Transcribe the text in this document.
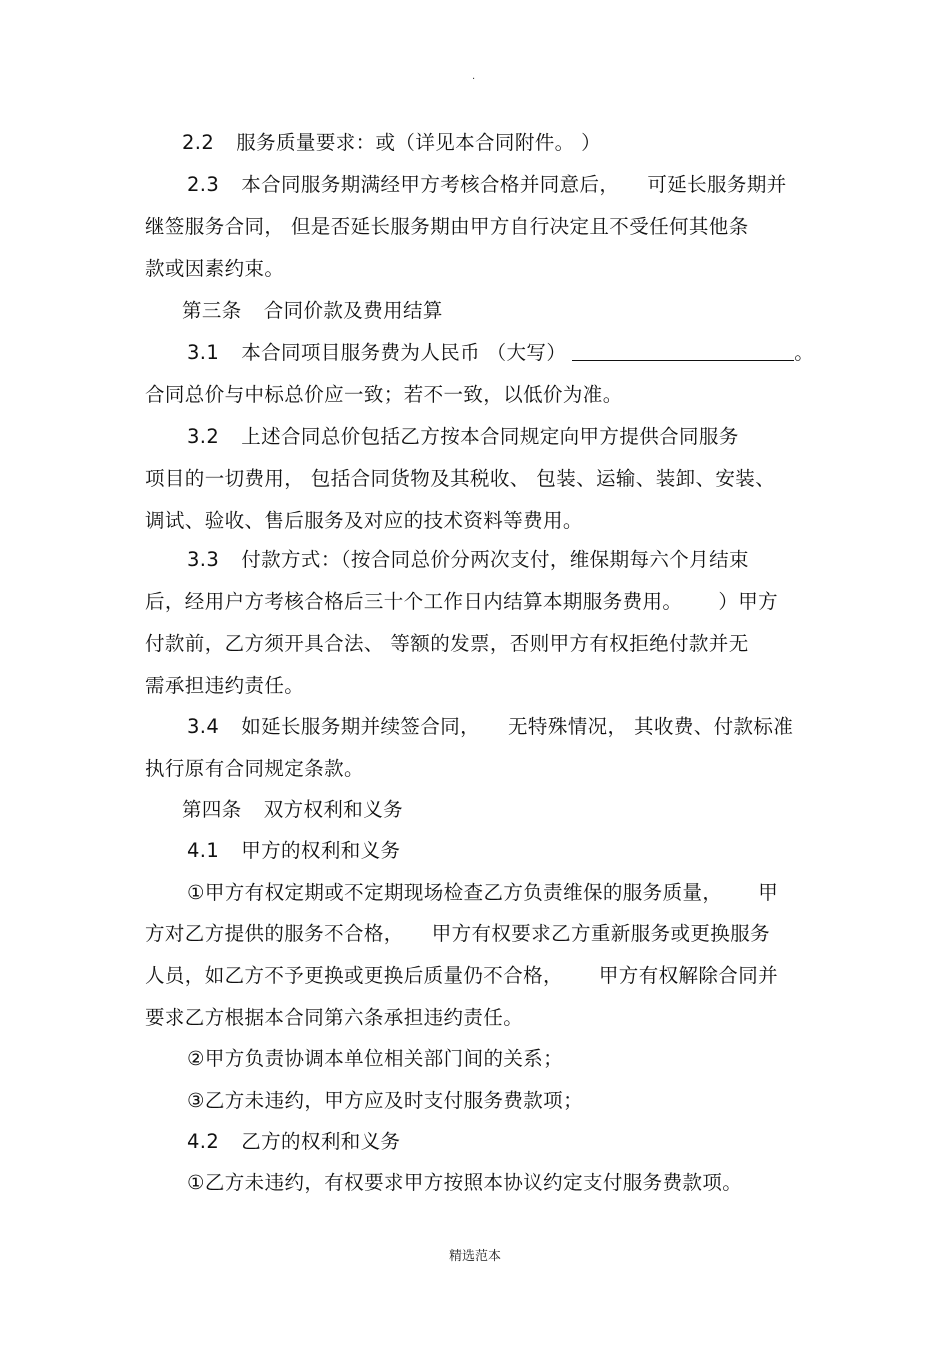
.
2.2 服务质量要求：或（详见本合同附件。 ）
2.3 本合同服务期满经甲方考核合格并同意后， 可延长服务期并
继签服务合同， 但是否延长服务期由甲方自行决定且不受任何其他条
款或因素约束。
第三条 合同价款及费用结算
3.1 本合同项目服务费为人民币 （大写）	。
合同总价与中标总价应一致；若不一致，以低价为准。
3.2 上述合同总价包括乙方按本合同规定向甲方提供合同服务
项目的一切费用， 包括合同货物及其税收、 包装、运输、装卸、安装、
调试、验收、售后服务及对应的技术资料等费用。
3.3 付款方式：（按合同总价分两次支付，维保期每六个月结束
后，经用户方考核合格后三十个工作日内结算本期服务费用。 ）甲方
付款前，乙方须开具合法、 等额的发票，否则甲方有权拒绝付款并无
需承担违约责任。
3.4 如延长服务期并续签合同， 无特殊情况， 其收费、付款标准
执行原有合同规定条款。
第四条 双方权利和义务
4.1 甲方的权利和义务
①甲方有权定期或不定期现场检查乙方负责维保的服务质量， 甲
方对乙方提供的服务不合格， 甲方有权要求乙方重新服务或更换服务
人员，如乙方不予更换或更换后质量仍不合格， 甲方有权解除合同并
要求乙方根据本合同第六条承担违约责任。
②甲方负责协调本单位相关部门间的关系；
③乙方未违约，甲方应及时支付服务费款项；
4.2 乙方的权利和义务
①乙方未违约，有权要求甲方按照本协议约定支付服务费款项。
精选范本
